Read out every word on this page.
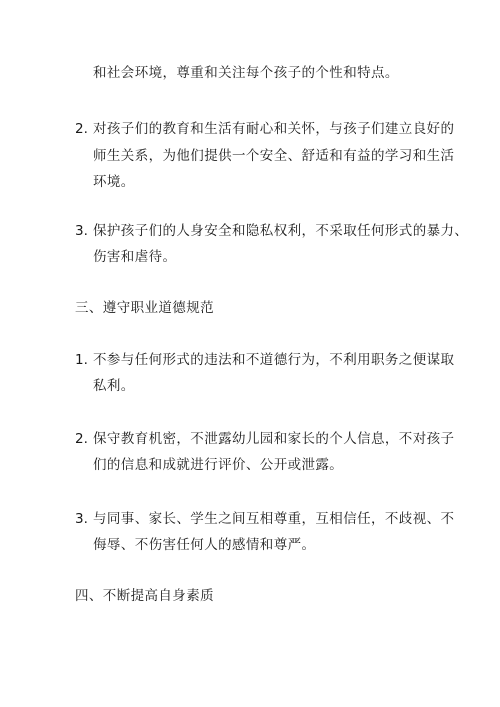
和社会环境，尊重和关注每个孩子的个性和特点。
2. 对孩子们的教育和生活有耐心和关怀，与孩子们建立良好的
师生关系，为他们提供一个安全、舒适和有益的学习和生活
环境。
3. 保护孩子们的人身安全和隐私权利，不采取任何形式的暴力、
伤害和虐待。
三、遵守职业道德规范
1. 不参与任何形式的违法和不道德行为，不利用职务之便谋取
私利。
2. 保守教育机密，不泄露幼儿园和家长的个人信息，不对孩子
们的信息和成就进行评价、公开或泄露。
3. 与同事、家长、学生之间互相尊重，互相信任，不歧视、不
侮辱、不伤害任何人的感情和尊严。
四、不断提高自身素质
